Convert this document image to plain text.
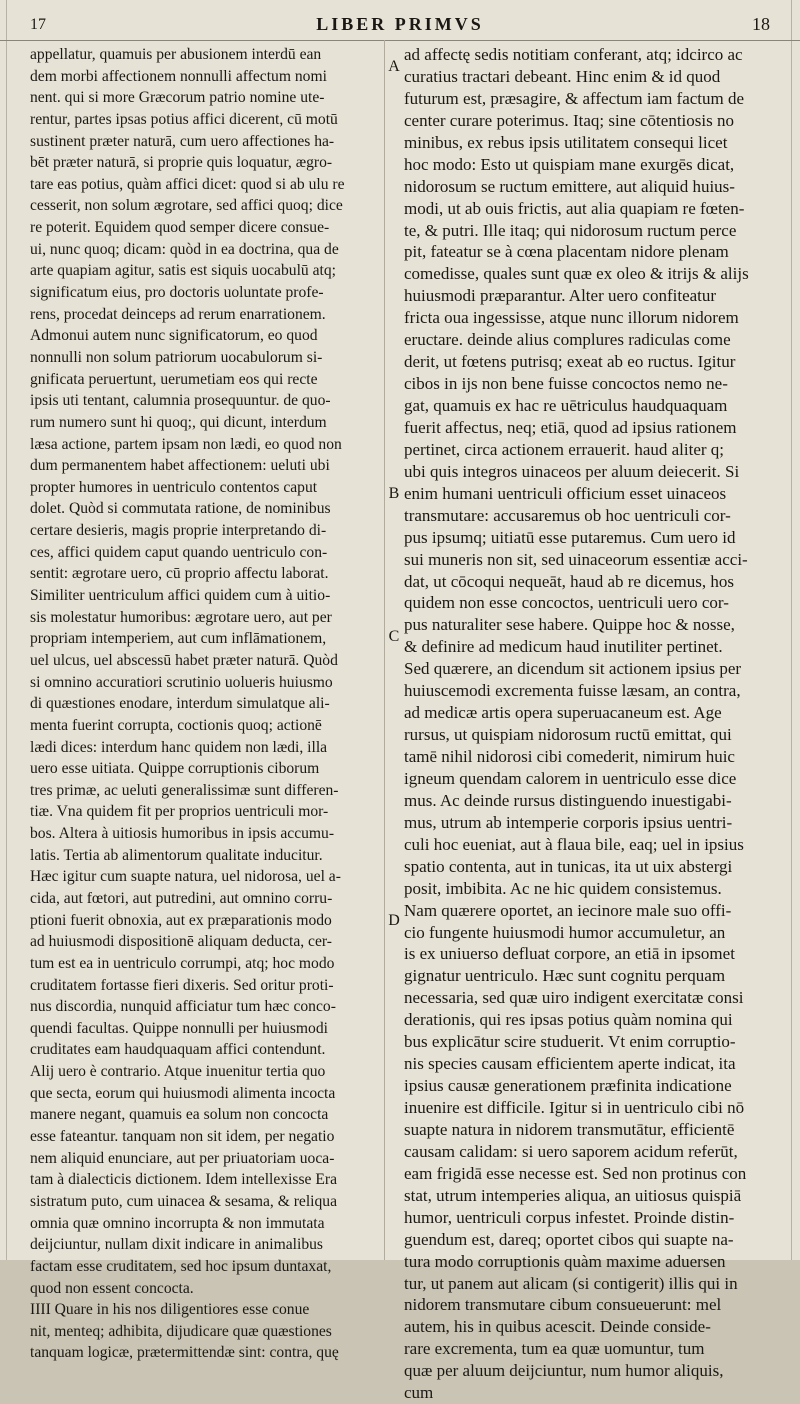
17	LIBER PRIMVS	18
appellatur, quamuis per abusionem interdū ean
dem morbi affectionem nonnulli affectum nomi
nent. qui si more Græcorum patrio nomine ute-
rentur, partes ipsas potius affici dicerent, cū motū
sustinent præter naturā, cum uero affectiones ha-
bēt præter naturā, si proprie quis loquatur, ægro-
tare eas potius, quàm affici dicet: quod si ab ulu re
cesserit, non solum ægrotare, sed affici quoq; dice
re poterit. Equidem quod semper dicere consue-
ui, nunc quoq; dicam: quòd in ea doctrina, qua de
arte quapiam agitur, satis est siquis uocabulū atq;
significatum eius, pro doctoris uoluntate profe-
rens, procedat deinceps ad rerum enarrationem.
Admonui autem nunc significatorum, eo quod
nonnulli non solum patriorum uocabulorum si-
gnificata peruertunt, uerumetiam eos qui recte
ipsis uti tentant, calumnia prosequuntur. de quo-
rum numero sunt hi quoq;, qui dicunt, interdum
læsa actione, partem ipsam non lædi, eo quod non
dum permanentem habet affectionem: ueluti ubi
propter humores in uentriculo contentos caput
dolet. Quòd si commutata ratione, de nominibus
certare desieris, magis proprie interpretando di-
ces, affici quidem caput quando uentriculo con-
sentit: ægrotare uero, cū proprio affectu laborat.
Similiter uentriculum affici quidem cum à uitio-
sis molestatur humoribus: ægrotare uero, aut per
propriam intemperiem, aut cum inflāmationem,
uel ulcus, uel abscessū habet præter naturā. Quòd
si omnino accuratiori scrutinio uolueris huiusmo
di quæstiones enodare, interdum simulatque ali-
menta fuerint corrupta, coctionis quoq; actionē
lædi dices: interdum hanc quidem non lædi, illa
uero esse uitiata. Quippe corruptionis ciborum
tres primæ, ac ueluti generalissimæ sunt differen-
tiæ. Vna quidem fit per proprios uentriculi mor-
bos. Altera à uitiosis humoribus in ipsis accumu-
latis. Tertia ab alimentorum qualitate inducitur.
Hæc igitur cum suapte natura, uel nidorosa, uel a-
cida, aut fœtori, aut putredini, aut omnino corru-
ptioni fuerit obnoxia, aut ex præparationis modo
ad huiusmodi dispositionē aliquam deducta, cer-
tum est ea in uentriculo corrumpi, atq; hoc modo
cruditatem fortasse fieri dixeris. Sed oritur proti-
nus discordia, nunquid afficiatur tum hæc conco-
quendi facultas. Quippe nonnulli per huiusmodi
cruditates eam haudquaquam affici contendunt.
Alij uero è contrario. Atque inuenitur tertia quo
que secta, eorum qui huiusmodi alimenta incocta
manere negant, quamuis ea solum non concocta
esse fateantur. tanquam non sit idem, per negatio
nem aliquid enunciare, aut per priuatoriam uoca-
tam à dialecticis dictionem. Idem intellexisse Era
sistratum puto, cum uinacea & sesama, & reliqua
omnia quæ omnino incorrupta & non immutata
deijciuntur, nullam dixit indicare in animalibus
factam esse cruditatem, sed hoc ipsum duntaxat,
quod non essent concocta.
IIII Quare in his nos diligentiores esse conue
nit, menteq; adhibita, dijudicare quæ quæstiones
tanquam logicæ, prætermittendæ sint: contra, quę
A
B
C
D
ad affectę sedis notitiam conferant, atq; idcirco ac
curatius tractari debeant. Hinc enim & id quod
futurum est, præsagire, & affectum iam factum de
center curare poterimus. Itaq; sine cōtentiosis no
minibus, ex rebus ipsis utilitatem consequi licet
hoc modo: Esto ut quispiam mane exurgēs dicat,
nidorosum se ructum emittere, aut aliquid huius-
modi, ut ab ouis frictis, aut alia quapiam re fœten-
te, & putri. Ille itaq; qui nidorosum ructum perce
pit, fateatur se à cœna placentam nidore plenam
comedisse, quales sunt quæ ex oleo & itrijs & alijs
huiusmodi præparantur. Alter uero confiteatur
fricta oua ingessisse, atque nunc illorum nidorem
eructare. deinde alius complures radiculas come
derit, ut fœtens putrisq; exeat ab eo ructus. Igitur
cibos in ijs non bene fuisse concoctos nemo ne-
gat, quamuis ex hac re uētriculus haudquaquam
fuerit affectus, neq; etiā, quod ad ipsius rationem
pertinet, circa actionem errauerit. haud aliter q;
ubi quis integros uinaceos per aluum deiecerit. Si
enim humani uentriculi officium esset uinaceos
transmutare: accusaremus ob hoc uentriculi cor-
pus ipsumq; uitiatū esse putaremus. Cum uero id
sui muneris non sit, sed uinaceorum essentiæ acci-
dat, ut cōcoqui nequeāt, haud ab re dicemus, hos
quidem non esse concoctos, uentriculi uero cor-
pus naturaliter sese habere. Quippe hoc & nosse,
& definire ad medicum haud inutiliter pertinet.
Sed quærere, an dicendum sit actionem ipsius per
huiuscemodi excrementa fuisse læsam, an contra,
ad medicæ artis opera superuacaneum est. Age
rursus, ut quispiam nidorosum ructū emittat, qui
tamē nihil nidorosi cibi comederit, nimirum huic
igneum quendam calorem in uentriculo esse dice
mus. Ac deinde rursus distinguendo inuestigabi-
mus, utrum ab intemperie corporis ipsius uentri-
culi hoc eueniat, aut à flaua bile, eaq; uel in ipsius
spatio contenta, aut in tunicas, ita ut uix abstergi
posit, imbibita. Ac ne hic quidem consistemus.
Nam quærere oportet, an iecinore male suo offi-
cio fungente huiusmodi humor accumuletur, an
is ex uniuerso defluat corpore, an etiā in ipsomet
gignatur uentriculo. Hæc sunt cognitu perquam
necessaria, sed quæ uiro indigent exercitatæ consi
derationis, qui res ipsas potius quàm nomina qui
bus explicātur scire studuerit. Vt enim corruptio-
nis species causam efficientem aperte indicat, ita
ipsius causæ generationem præfinita indicatione
inuenire est difficile. Igitur si in uentriculo cibi nō
suapte natura in nidorem transmutātur, efficientē
causam calidam: si uero saporem acidum referūt,
eam frigidā esse necesse est. Sed non protinus con
stat, utrum intemperies aliqua, an uitiosus quispiā
humor, uentriculi corpus infestet. Proinde distin-
guendum est, dareq; oportet cibos qui suapte na-
tura modo corruptionis quàm maxime aduersen
tur, ut panem aut alicam (si contigerit) illis qui in
nidorem transmutare cibum consueuerunt: mel
autem, his in quibus acescit. Deinde conside-
rare excrementa, tum ea quæ uomuntur, tum
quæ per aluum deijciuntur, num humor aliquis,
cum
